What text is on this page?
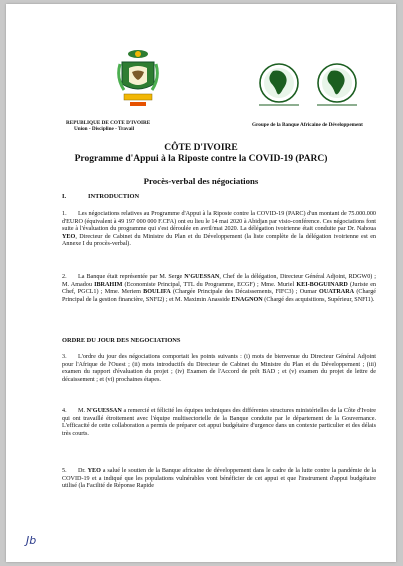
REPUBLIQUE DE COTE D'IVOIRE
Union - Discipline - Travail
Groupe de la Banque Africaine de Développement
CÔTE D'IVOIRE
Programme d'Appui à la Riposte contre la COVID-19 (PARC)
Procès-verbal des négociations
I.	INTRODUCTION
1. Les négociations relatives au Programme d'Appui à la Riposte contre la COVID-19 (PARC) d'un montant de 75.000.000 d'EURO (équivalent à 49 197 000 000 F.CFA) ont eu lieu le 14 mai 2020 à Abidjan par visio-conférence. Ces négociations font suite à l'évaluation du programme qui s'est déroulée en avril/mai 2020. La délégation ivoirienne était conduite par Dr. Nahoua YEO, Directeur de Cabinet du Ministre du Plan et du Développement (la liste complète de la délégation ivoirienne est en Annexe I du procès-verbal).
2. La Banque était représentée par M. Serge N'GUESSAN, Chef de la délégation, Directeur Général Adjoint, RDGW0) ; M. Amadou IBRAHIM (Economiste Principal, TTL du Programme, ECGF) ; Mme. Muriel KEI-BOGUINARD (Juriste en Chef, PGCL1) ; Mme. Meriem BOULIFA (Chargée Principale des Décaissements, FIFC3) ; Oumar OUATRARA (Chargé Principal de la gestion financière, SNFI2) ; et M. Maximin Anasside ENAGNON (Chargé des acquisitions, Supérieur, SNFI1).
ORDRE DU JOUR DES NEGOCIATIONS
3. L'ordre du jour des négociations comportait les points suivants : (i) mots de bienvenue du Directeur Général Adjoint pour l'Afrique de l'Ouest ; (ii) mots introductifs du Directeur de Cabinet du Ministre du Plan et du Développement ; (iii) examen du rapport d'évaluation du projet ; (iv) Examen de l'Accord de prêt BAD ; et (v) examen du projet de lettre de décaissement ; et (vi) prochaines étapes.
4. M. N'GUESSAN a remercié et félicité les équipes techniques des différentes structures ministérielles de la Côte d'Ivoire qui ont travaillé étroitement avec l'équipe multisectorielle de la Banque conduite par le département de la Gouvernance. L'efficacité de cette collaboration a permis de préparer cet appui budgétaire d'urgence dans un contexte particulier et des délais très courts.
5. Dr. YEO a salué le soutien de la Banque africaine de développement dans le cadre de la lutte contre la pandémie de la COVID-19 et a indiqué que les populations vulnérables vont bénéficier de cet appui et que l'instrument d'appui budgétaire utilisé (la Facilité de Réponse Rapide
Jb
